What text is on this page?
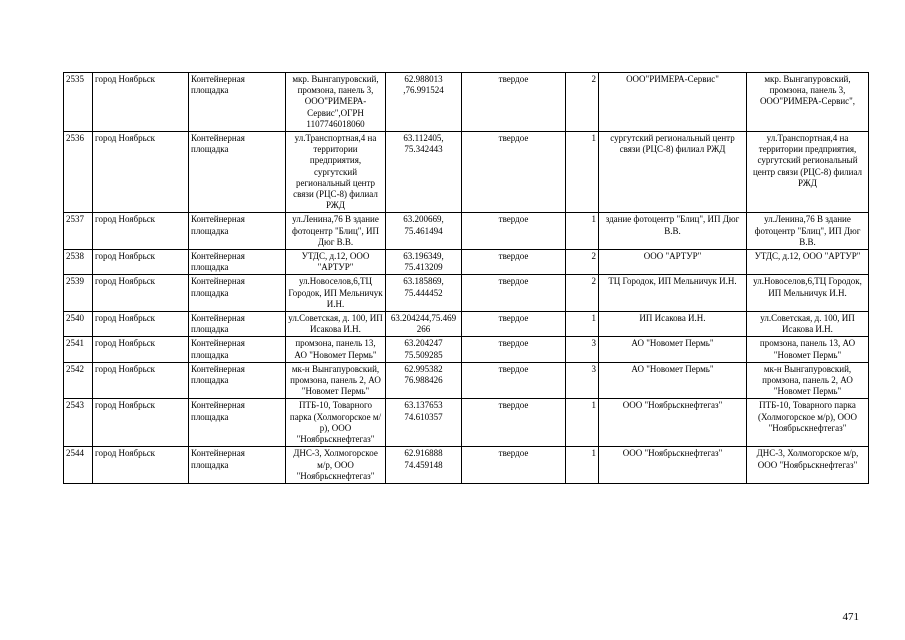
2535	город Ноябрьск	Контейнерная площадка	мкр. Вынгапуровский, промзона, панель 3, ООО"РИМЕРА-Сервис",ОГРН 1107746018060	62.988013 ,76.991524	твердое	2	ООО"РИМЕРА-Сервис"	мкр. Вынгапуровский, промзона, панель 3, ООО"РИМЕРА-Сервис",
2536	город Ноябрьск	Контейнерная площадка	ул.Транспортная,4 на территории предприятия, сургутский региональный центр связи (РЦС-8) филиал РЖД	63.112405, 75.342443	твердое	1	сургутский региональный центр связи (РЦС-8) филиал РЖД	ул.Транспортная,4 на территории предприятия, сургутский региональный центр связи (РЦС-8) филиал РЖД
2537	город Ноябрьск	Контейнерная площадка	ул.Ленина,76 В здание фотоцентр "Блиц", ИП Дюг В.В.	63.200669, 75.461494	твердое	1	здание фотоцентр "Блиц", ИП Дюг В.В.	ул.Ленина,76 В здание фотоцентр "Блиц", ИП Дюг В.В.
2538	город Ноябрьск	Контейнерная площадка	УТДС, д.12, ООО "АРТУР"	63.196349, 75.413209	твердое	2	ООО "АРТУР"	УТДС, д.12, ООО "АРТУР"
2539	город Ноябрьск	Контейнерная площадка	ул.Новоселов,6,ТЦ Городок, ИП Мельничук И.Н.	63.185869, 75.444452	твердое	2	ТЦ Городок, ИП Мельничук И.Н.	ул.Новоселов,6,ТЦ Городок, ИП Мельничук И.Н.
2540	город Ноябрьск	Контейнерная площадка	ул.Советская, д. 100, ИП Исакова И.Н.	63.204244,75.469 266	твердое	1	ИП Исакова И.Н.	ул.Советская, д. 100, ИП Исакова И.Н.
2541	город Ноябрьск	Контейнерная площадка	промзона, панель 13, АО "Новомет Пермь"	63.204247 75.509285	твердое	3	АО "Новомет Пермь"	промзона, панель 13, АО "Новомет Пермь"
2542	город Ноябрьск	Контейнерная площадка	мк-н Вынгапуровский, промзона, панель 2, АО "Новомет Пермь"	62.995382 76.988426	твердое	3	АО "Новомет Пермь"	мк-н Вынгапуровский, промзона, панель 2, АО "Новомет Пермь"
2543	город Ноябрьск	Контейнерная площадка	ПТБ-10, Товарного парка (Холмогорское м/р), ООО "Ноябрьскнефтегаз"	63.137653 74.610357	твердое	1	ООО "Ноябрьскнефтегаз"	ПТБ-10, Товарного парка (Холмогорское м/р), ООО "Ноябрьскнефтегаз"
2544	город Ноябрьск	Контейнерная площадка	ДНС-3, Холмогорское м/р, ООО "Ноябрьскнефтегаз"	62.916888 74.459148	твердое	1	ООО "Ноябрьскнефтегаз"	ДНС-3, Холмогорское м/р, ООО "Ноябрьскнефтегаз"
471
